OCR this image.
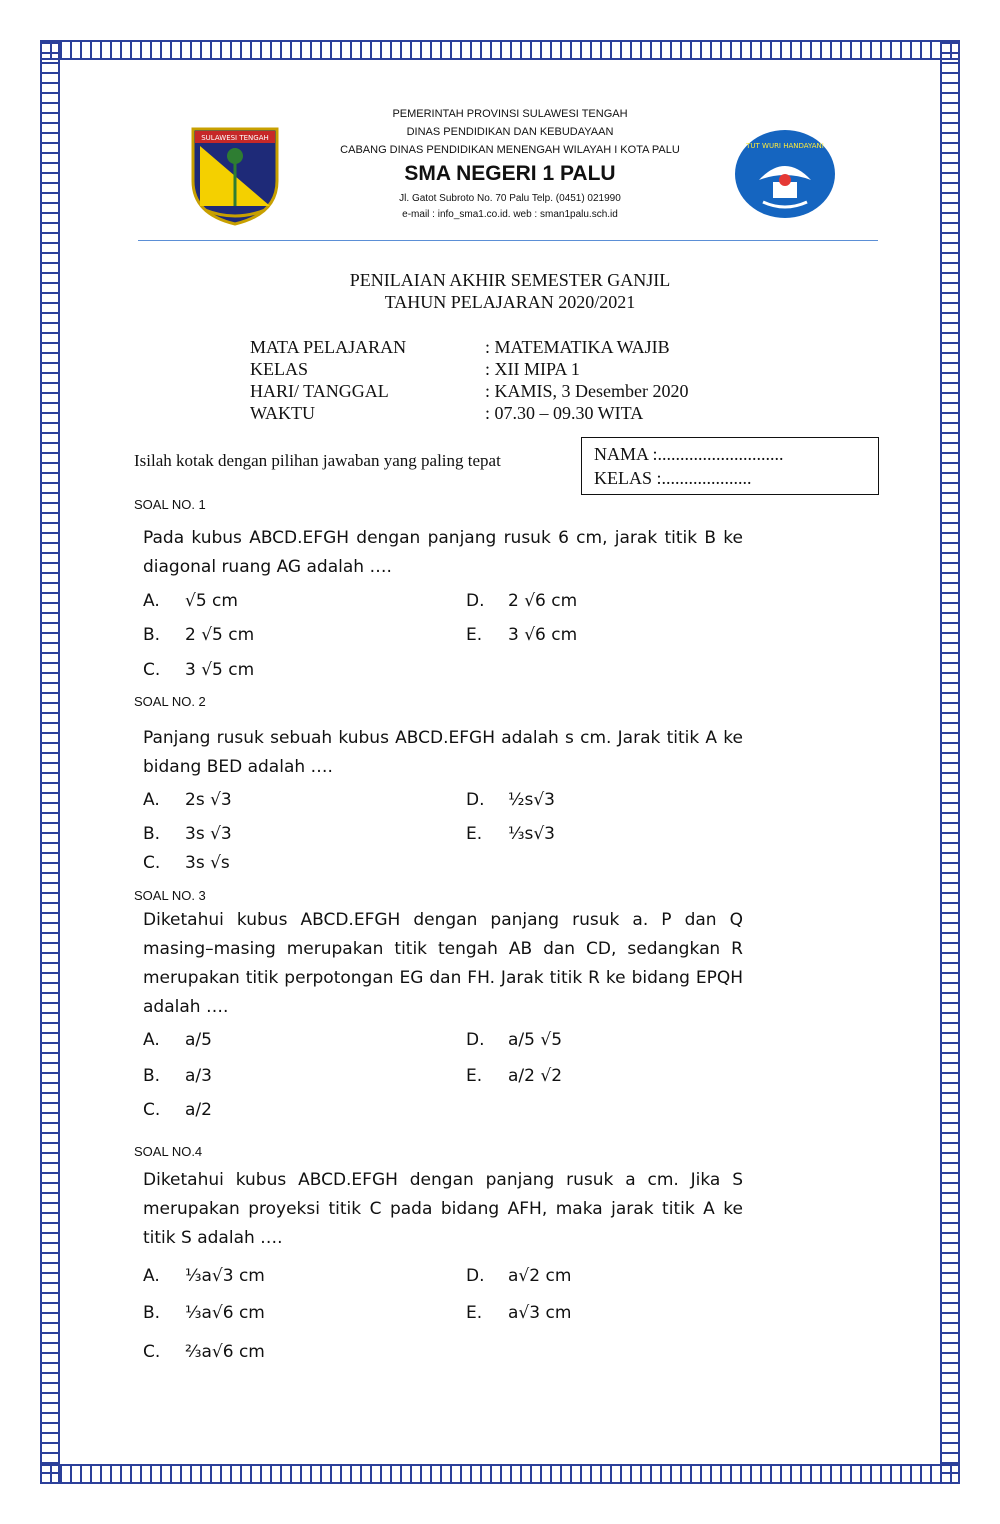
SULAWESI TENGAH
TUT WURI HANDAYANI
PEMERINTAH PROVINSI SULAWESI TENGAH
DINAS PENDIDIKAN DAN KEBUDAYAAN
CABANG DINAS PENDIDIKAN MENENGAH WILAYAH I KOTA PALU
SMA NEGERI 1 PALU
Jl. Gatot Subroto No. 70 Palu Telp. (0451) 021990
e-mail : info_sma1.co.id. web : sman1palu.sch.id
PENILAIAN AKHIR SEMESTER GANJIL
TAHUN PELAJARAN 2020/2021
MATA PELAJARAN	: MATEMATIKA WAJIB
KELAS	: XII MIPA 1
HARI/ TANGGAL	: KAMIS, 3 Desember 2020
WAKTU	: 07.30 – 09.30 WITA
Isilah kotak dengan pilihan jawaban yang paling tepat	NAMA :............................
KELAS :....................
SOAL NO. 1
Pada kubus ABCD.EFGH dengan panjang rusuk 6 cm, jarak titik B ke diagonal ruang AG adalah ….
A. √5 cm	D. 2 √6 cm
B. 2 √5 cm	E. 3 √6 cm
C. 3 √5 cm
SOAL NO. 2
Panjang rusuk sebuah kubus ABCD.EFGH adalah s cm. Jarak titik A ke bidang BED adalah ….
A. 2s √3	D. ½s√3
B. 3s √3	E. ⅓s√3
C. 3s √s
SOAL NO. 3
Diketahui kubus ABCD.EFGH dengan panjang rusuk a. P dan Q masing–masing merupakan titik tengah AB dan CD, sedangkan R merupakan titik perpotongan EG dan FH. Jarak titik R ke bidang EPQH adalah ….
A. a/5	D. a/5 √5
B. a/3	E. a/2 √2
C. a/2
SOAL NO.4
Diketahui kubus ABCD.EFGH dengan panjang rusuk a cm. Jika S merupakan proyeksi titik C pada bidang AFH, maka jarak titik A ke titik S adalah ….
A. ⅓a√3 cm	D. a√2 cm
B. ⅓a√6 cm	E. a√3 cm
C. ⅔a√6 cm
